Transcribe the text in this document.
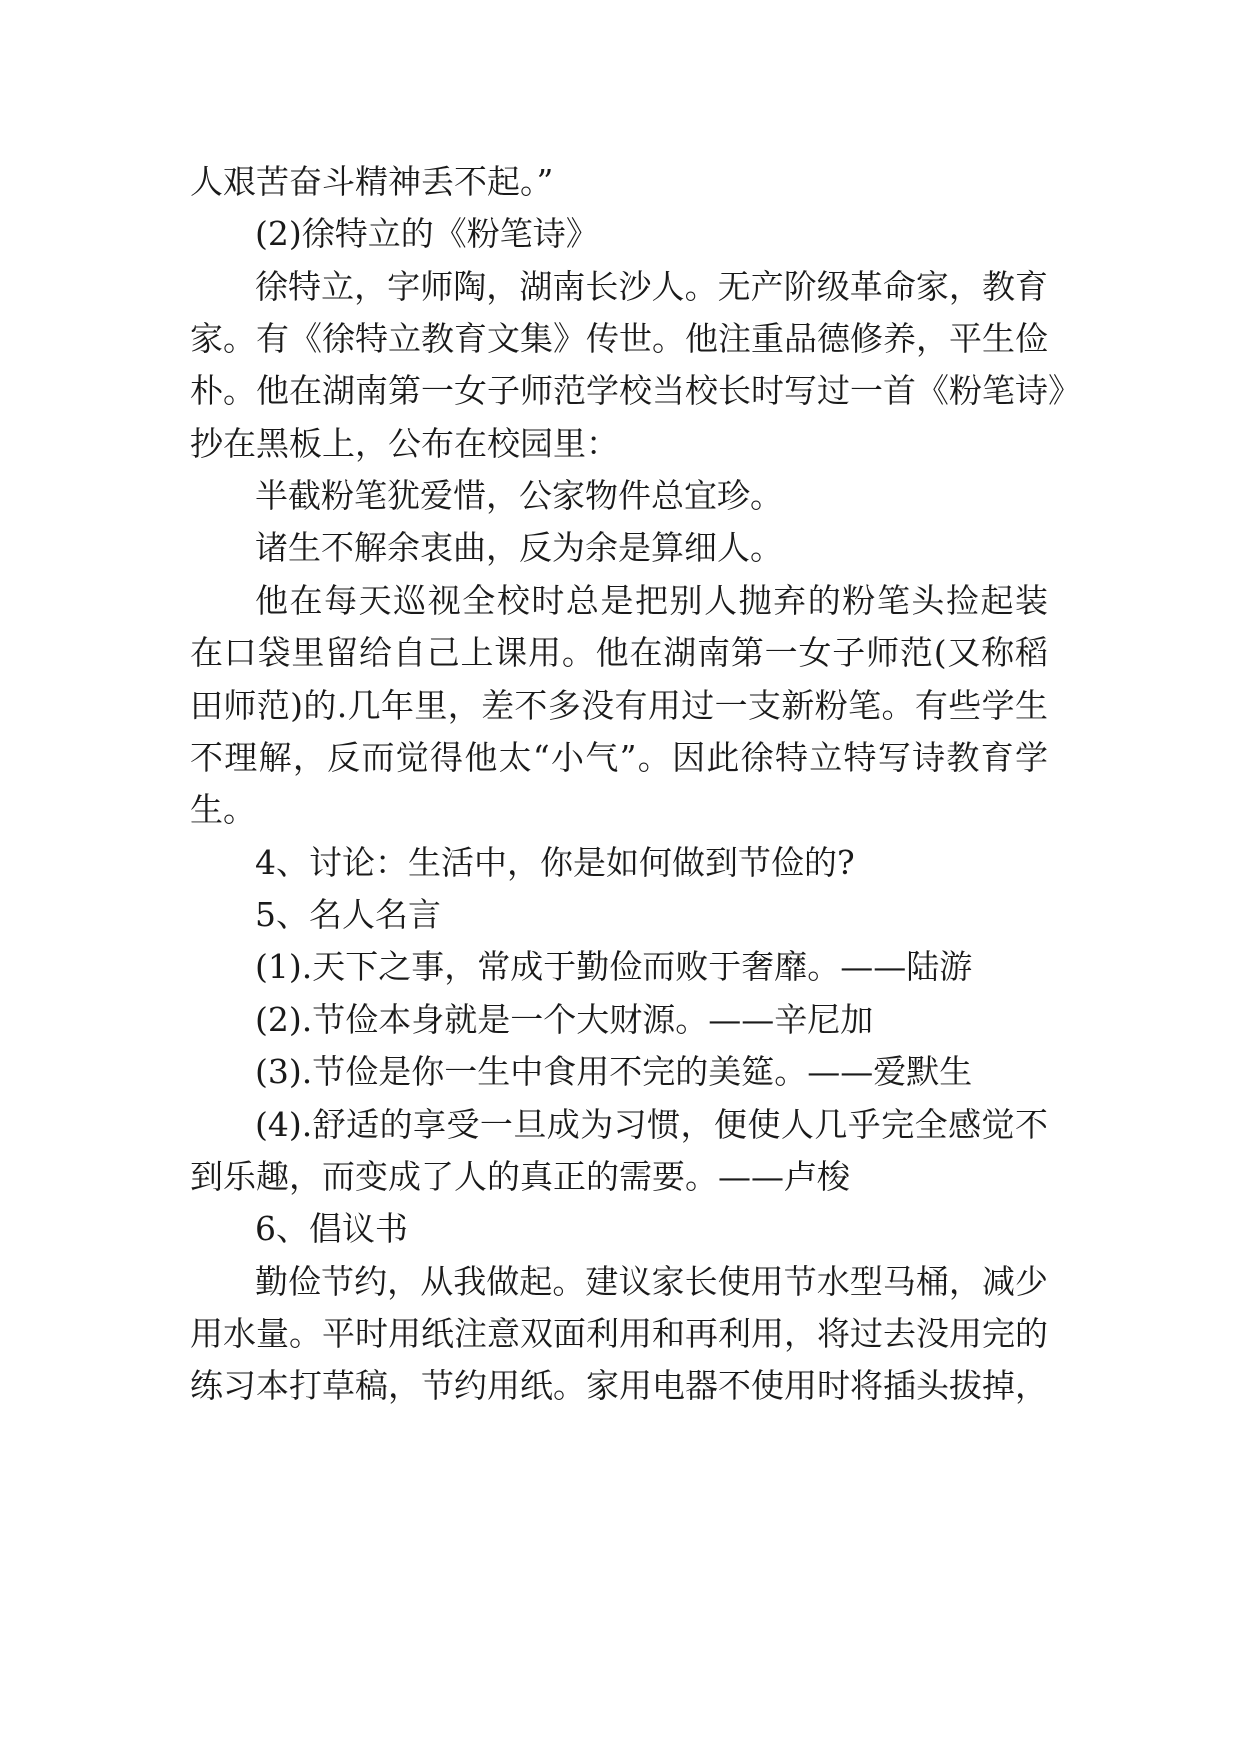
人艰苦奋斗精神丢不起。”
(2)徐特立的《粉笔诗》
徐特立，字师陶，湖南长沙人。无产阶级革命家，教育
家。有《徐特立教育文集》传世。他注重品德修养，平生俭
朴。他在湖南第一女子师范学校当校长时写过一首《粉笔诗》
抄在黑板上，公布在校园里：
半截粉笔犹爱惜，公家物件总宜珍。
诸生不解余衷曲，反为余是算细人。
他在每天巡视全校时总是把别人抛弃的粉笔头捡起装
在口袋里留给自己上课用。他在湖南第一女子师范(又称稻
田师范)的.几年里，差不多没有用过一支新粉笔。有些学生
不理解，反而觉得他太“小气”。因此徐特立特写诗教育学
生。
4、讨论：生活中，你是如何做到节俭的?
5、名人名言
(1).天下之事，常成于勤俭而败于奢靡。——陆游
(2).节俭本身就是一个大财源。——辛尼加
(3).节俭是你一生中食用不完的美筵。——爱默生
(4).舒适的享受一旦成为习惯，便使人几乎完全感觉不
到乐趣，而变成了人的真正的需要。——卢梭
6、倡议书
勤俭节约，从我做起。建议家长使用节水型马桶，减少
用水量。平时用纸注意双面利用和再利用，将过去没用完的
练习本打草稿，节约用纸。家用电器不使用时将插头拔掉，
